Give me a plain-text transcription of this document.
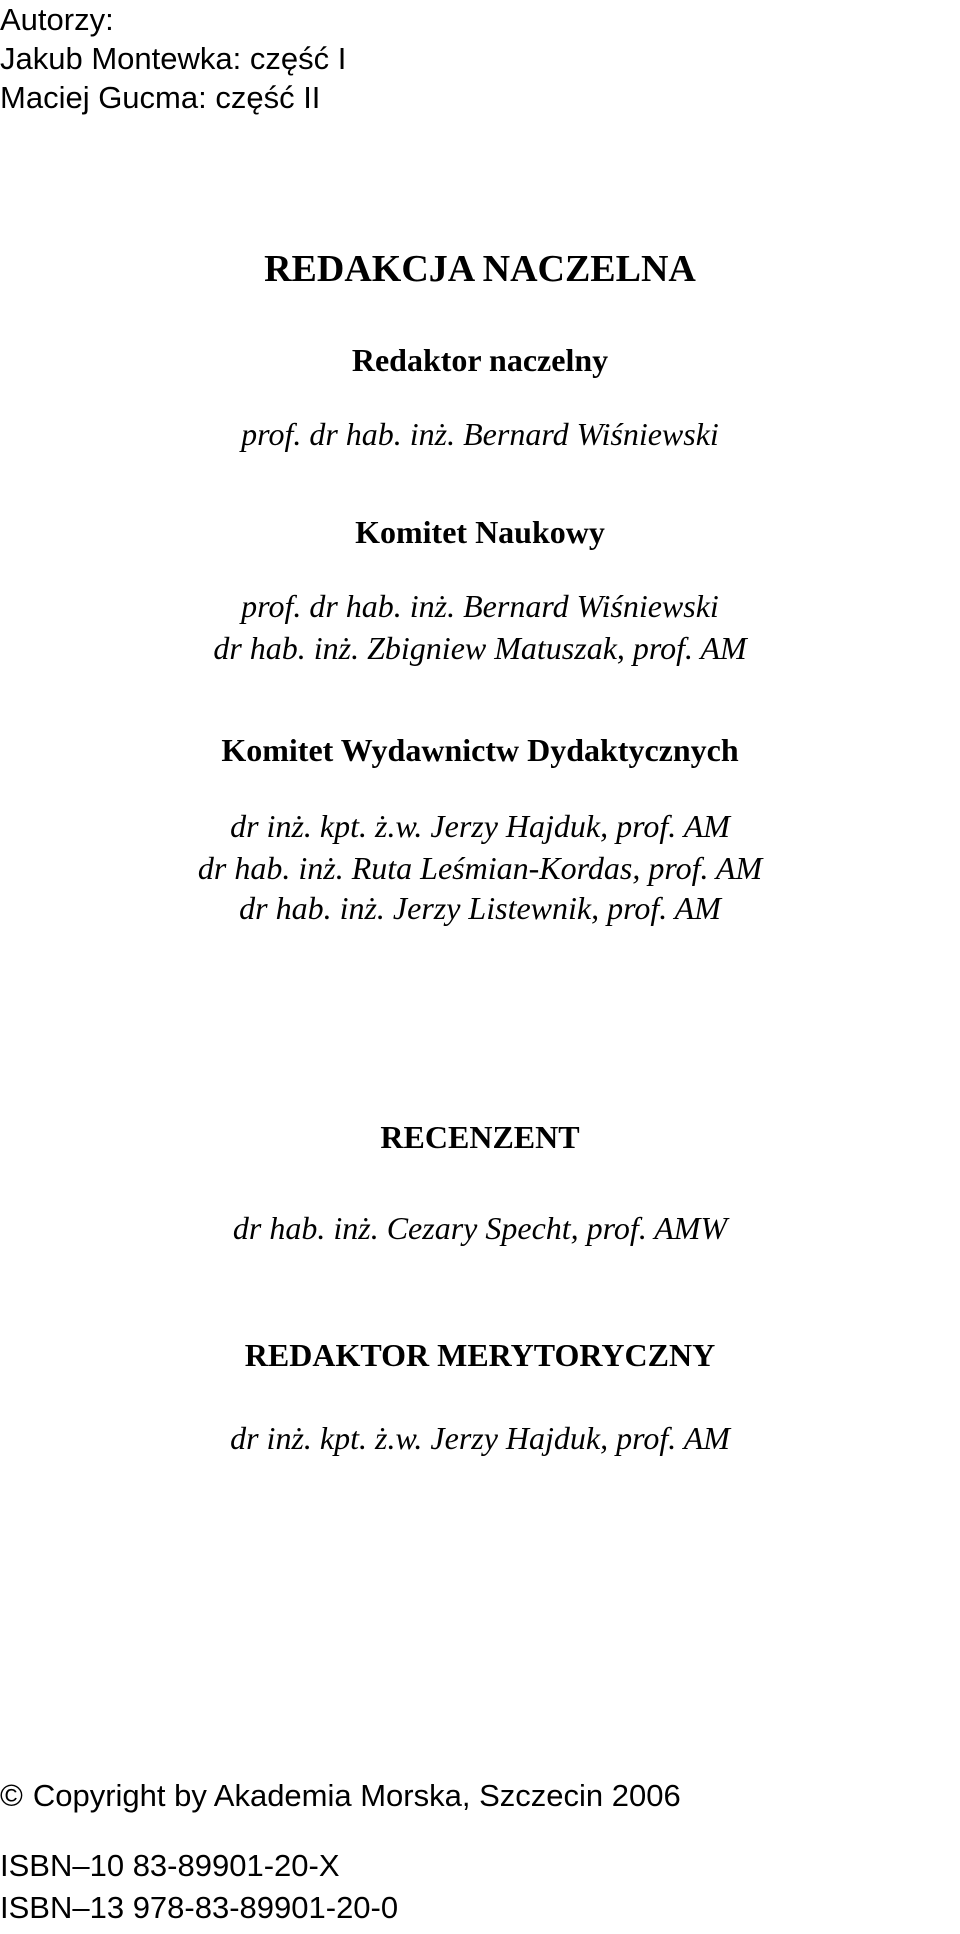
Autorzy:
Jakub Montewka: część I
Maciej Gucma: część II
REDAKCJA NACZELNA
Redaktor naczelny
prof. dr hab. inż. Bernard Wiśniewski
Komitet Naukowy
prof. dr hab. inż. Bernard Wiśniewski
dr hab. inż. Zbigniew Matuszak, prof. AM
Komitet Wydawnictw Dydaktycznych
dr inż. kpt. ż.w. Jerzy Hajduk, prof. AM
dr hab. inż. Ruta Leśmian-Kordas, prof. AM
dr hab. inż. Jerzy Listewnik, prof. AM
RECENZENT
dr hab. inż. Cezary Specht, prof. AMW
REDAKTOR MERYTORYCZNY
dr inż. kpt. ż.w. Jerzy Hajduk, prof. AM
© Copyright by Akademia Morska, Szczecin 2006
ISBN–10 83-89901-20-X
ISBN–13 978-83-89901-20-0
